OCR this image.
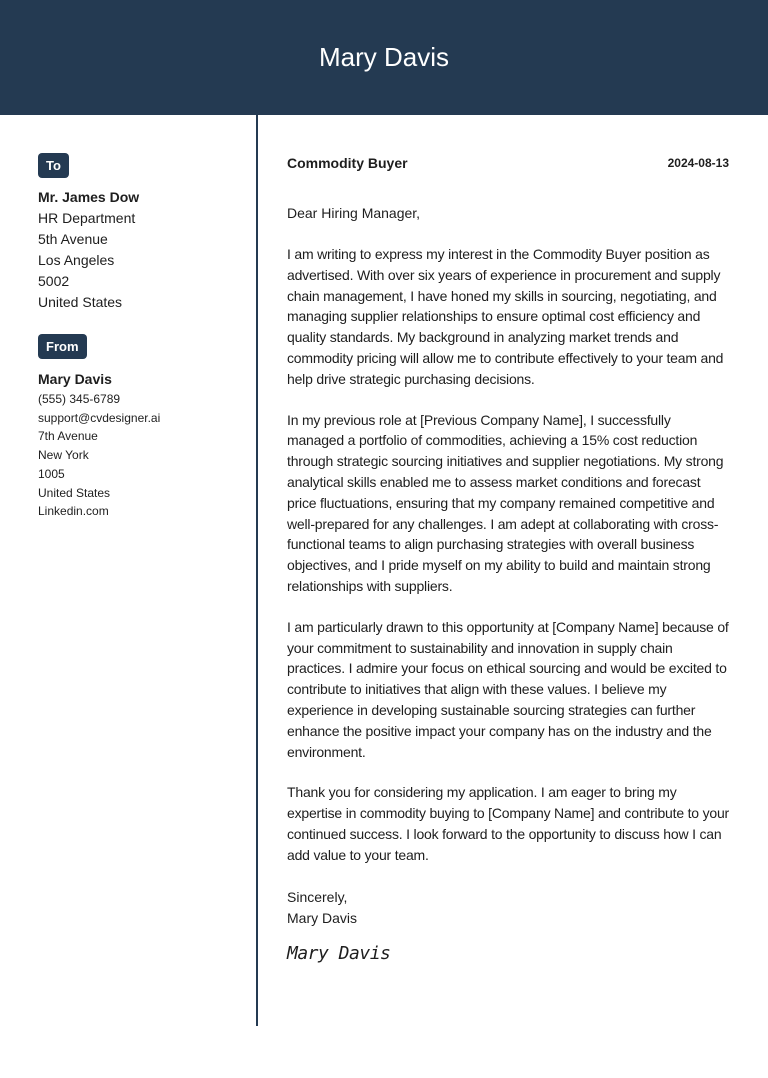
Mary Davis
To
Mr. James Dow
HR Department
5th Avenue
Los Angeles
5002
United States
From
Mary Davis
(555) 345-6789
support@cvdesigner.ai
7th Avenue
New York
1005
United States
Linkedin.com
Commodity Buyer	2024-08-13
Dear Hiring Manager,
I am writing to express my interest in the Commodity Buyer position as advertised. With over six years of experience in procurement and supply chain management, I have honed my skills in sourcing, negotiating, and managing supplier relationships to ensure optimal cost efficiency and quality standards. My background in analyzing market trends and commodity pricing will allow me to contribute effectively to your team and help drive strategic purchasing decisions.
In my previous role at [Previous Company Name], I successfully managed a portfolio of commodities, achieving a 15% cost reduction through strategic sourcing initiatives and supplier negotiations. My strong analytical skills enabled me to assess market conditions and forecast price fluctuations, ensuring that my company remained competitive and well-prepared for any challenges. I am adept at collaborating with cross-functional teams to align purchasing strategies with overall business objectives, and I pride myself on my ability to build and maintain strong relationships with suppliers.
I am particularly drawn to this opportunity at [Company Name] because of your commitment to sustainability and innovation in supply chain practices. I admire your focus on ethical sourcing and would be excited to contribute to initiatives that align with these values. I believe my experience in developing sustainable sourcing strategies can further enhance the positive impact your company has on the industry and the environment.
Thank you for considering my application. I am eager to bring my expertise in commodity buying to [Company Name] and contribute to your continued success. I look forward to the opportunity to discuss how I can add value to your team.
Sincerely,
Mary Davis
Mary Davis
